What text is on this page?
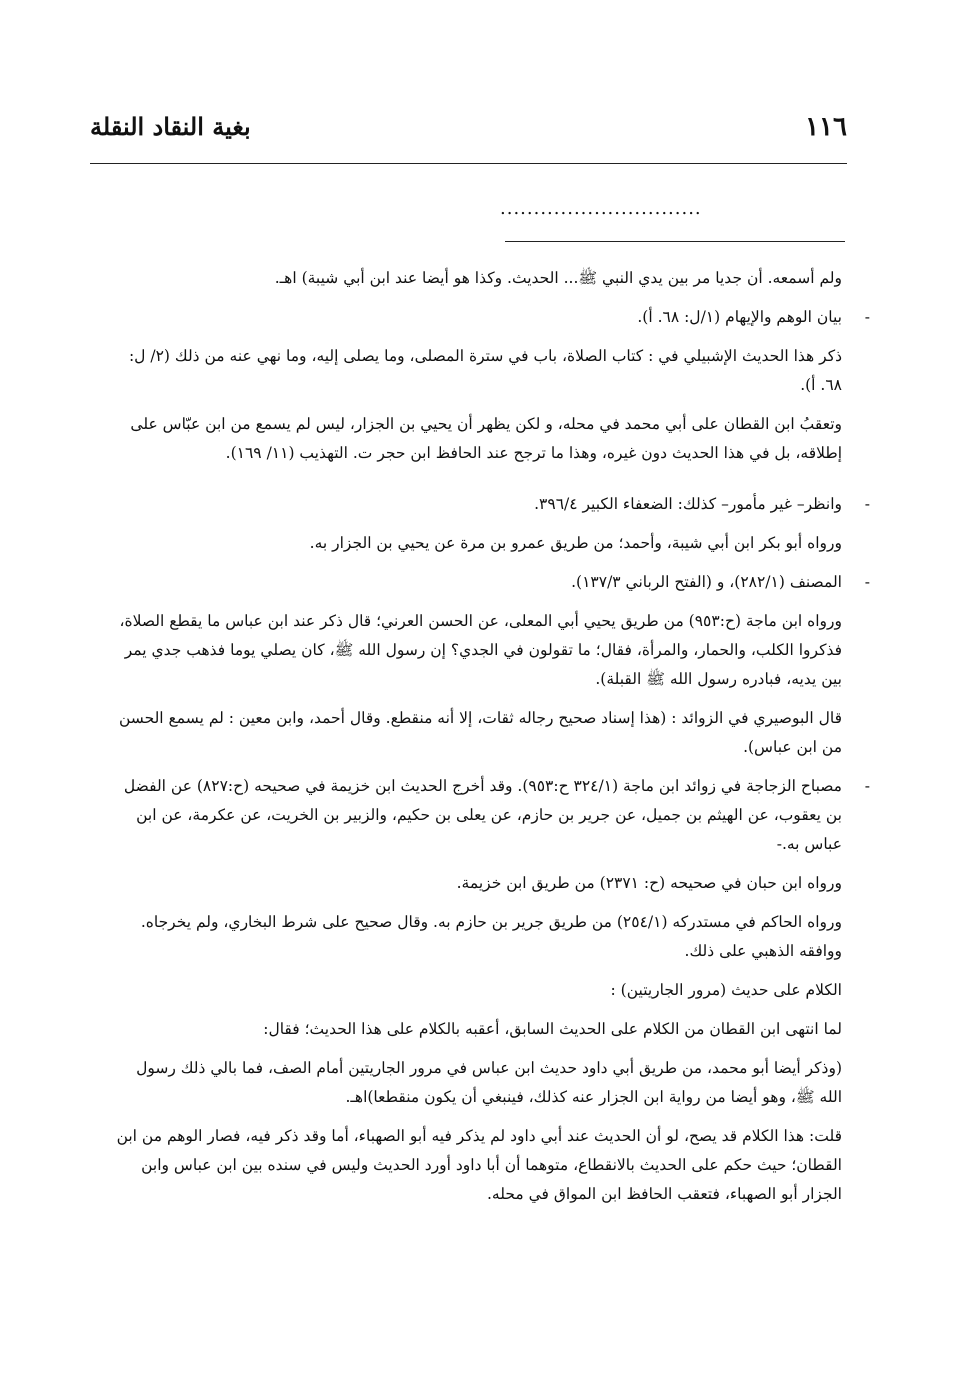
١١٦
بغية النقاد النقلة
..............................

ولم أسمعه. أن جديا مر بين يدي النبي ﷺ... الحديث. وكذا هو أيضا عند ابن أبي شيبة) اهـ.

-
بيان الوهم والإيهام (١/ل: ٦٨. أ).

ذكر هذا الحديث الإشبيلي في : كتاب الصلاة، باب في سترة المصلى، وما يصلى إليه، وما نهي عنه من ذلك (٢/ ل: ٦٨. أ).

وتعقبُ ابن القطان على أبي محمد في محله، و لكن يظهر أن يحيي بن الجزار، ليس لم يسمع من ابن عبّاس على إطلاقه، بل في هذا الحديث دون غيره، وهذا ما ترجح عند الحافظ ابن حجر ت. التهذيب (١١/ ١٦٩).

-
وانظر– غير مأمور– كذلك: الضعفاء الكبير ٣٩٦/٤.

ورواه أبو بكر ابن أبي شيبة، وأحمد؛ من طريق عمرو بن مرة عن يحيي بن الجزار به.

-
المصنف (٢٨٢/١)، و (الفتح الرباني ١٣٧/٣).

ورواه ابن ماجة (ح:٩٥٣) من طريق يحيي أبي المعلى، عن الحسن العرني؛ قال ذكر عند ابن عباس ما يقطع الصلاة، فذكروا الكلب، والحمار، والمرأة، فقال؛ ما تقولون في الجدي؟ إن رسول الله ﷺ، كان يصلي يوما فذهب جدي يمر بين يديه، فبادره رسول الله ﷺ القبلة).

قال البوصيري في الزوائد : (هذا إسناد صحيح رجاله ثقات، إلا أنه منقطع. وقال أحمد، وابن معين : لم يسمع الحسن من ابن عباس).

-
مصباح الزجاجة في زوائد ابن ماجة (٣٢٤/١ ح:٩٥٣). وقد أخرج الحديث ابن خزيمة في صحيحه (ح:٨٢٧) عن الفضل بن يعقوب، عن الهيثم بن جميل، عن جرير بن حازم، عن يعلى بن حكيم، والزبير بن الخريت، عن عكرمة، عن ابن عباس به.-

ورواه ابن حبان في صحيحه (ح: ٢٣٧١) من طريق ابن خزيمة.

ورواه الحاكم في مستدركه (٢٥٤/١) من طريق جرير بن حازم به. وقال صحيح على شرط البخاري، ولم يخرجاه. ووافقه الذهبي على ذلك.

الكلام على حديث (مرور الجاريتين) :

لما انتهى ابن القطان من الكلام على الحديث السابق، أعقبه بالكلام على هذا الحديث؛ فقال:

(وذكر أيضا أبو محمد، من طريق أبي داود حديث ابن عباس في مرور الجاريتين أمام الصف، فما بالي ذلك رسول الله ﷺ، وهو أيضا من رواية ابن الجزار عنه كذلك، فينبغي أن يكون منقطعا)اهـ.

قلت: هذا الكلام قد يصح، لو أن الحديث عند أبي داود لم يذكر فيه أبو الصهباء، أما وقد ذكر فيه، فصار الوهم من ابن القطان؛ حيث حكم على الحديث بالانقطاع، متوهما أن أبا داود أورد الحديث وليس في سنده بين ابن عباس وابن الجزار أبو الصهباء، فتعقب الحافظ ابن المواق في محله.
